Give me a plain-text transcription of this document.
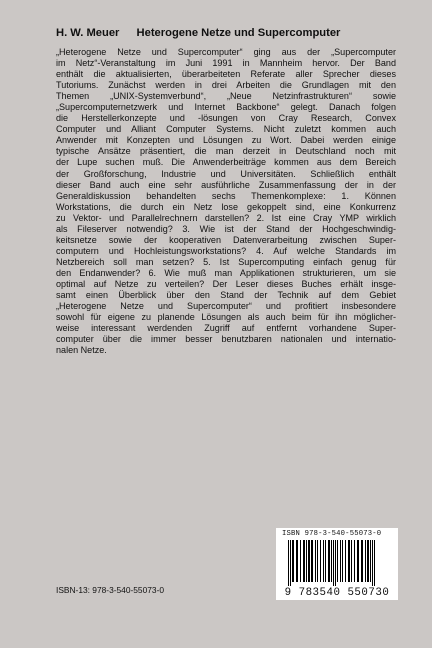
H. W. Meuer Heterogene Netze und Supercomputer

„Heterogene Netze und Supercomputer“ ging aus der „Supercomputer

im Netz“-Veranstaltung im Juni 1991 in Mannheim hervor. Der Band

enthält die aktualisierten, überarbeiteten Referate aller Sprecher dieses

Tutoriums. Zunächst werden in drei Arbeiten die Grundlagen mit den

Themen „UNIX-Systemverbund“, „Neue Netzinfrastrukturen“ sowie

„Supercomputernetzwerk und Internet Backbone“ gelegt. Danach folgen

die Herstellerkonzepte und -lösungen von Cray Research, Convex

Computer und Alliant Computer Systems. Nicht zuletzt kommen auch

Anwender mit Konzepten und Lösungen zu Wort. Dabei werden einige

typische Ansätze präsentiert, die man derzeit in Deutschland noch mit

der Lupe suchen muß. Die Anwenderbeiträge kommen aus dem Bereich

der Großforschung, Industrie und Universitäten. Schließlich enthält

dieser Band auch eine sehr ausführliche Zusammenfassung der in der

Generaldiskussion behandelten sechs Themenkomplexe: 1. Können

Workstations, die durch ein Netz lose gekoppelt sind, eine Konkurrenz

zu Vektor- und Parallelrechnern darstellen? 2. Ist eine Cray YMP wirklich

als Fileserver notwendig? 3. Wie ist der Stand der Hochgeschwindig-

keitsnetze sowie der kooperativen Datenverarbeitung zwischen Super-

computern und Hochleistungsworkstations? 4. Auf welche Standards im

Netzbereich soll man setzen? 5. Ist Supercomputing einfach genug für

den Endanwender? 6. Wie muß man Applikationen strukturieren, um sie

optimal auf Netze zu verteilen? Der Leser dieses Buches erhält insge-

samt einen Überblick über den Stand der Technik auf dem Gebiet

„Heterogene Netze und Supercomputer“ und profitiert insbesondere

sowohl für eigene zu planende Lösungen als auch beim für ihn möglicher-

weise interessant werdenden Zugriff auf entfernt vorhandene Super-

computer über die immer besser benutzbaren nationalen und internatio-

nalen Netze.

ISBN 978-3-540-55073-0
9 783540 550730
ISBN-13: 978-3-540-55073-0
